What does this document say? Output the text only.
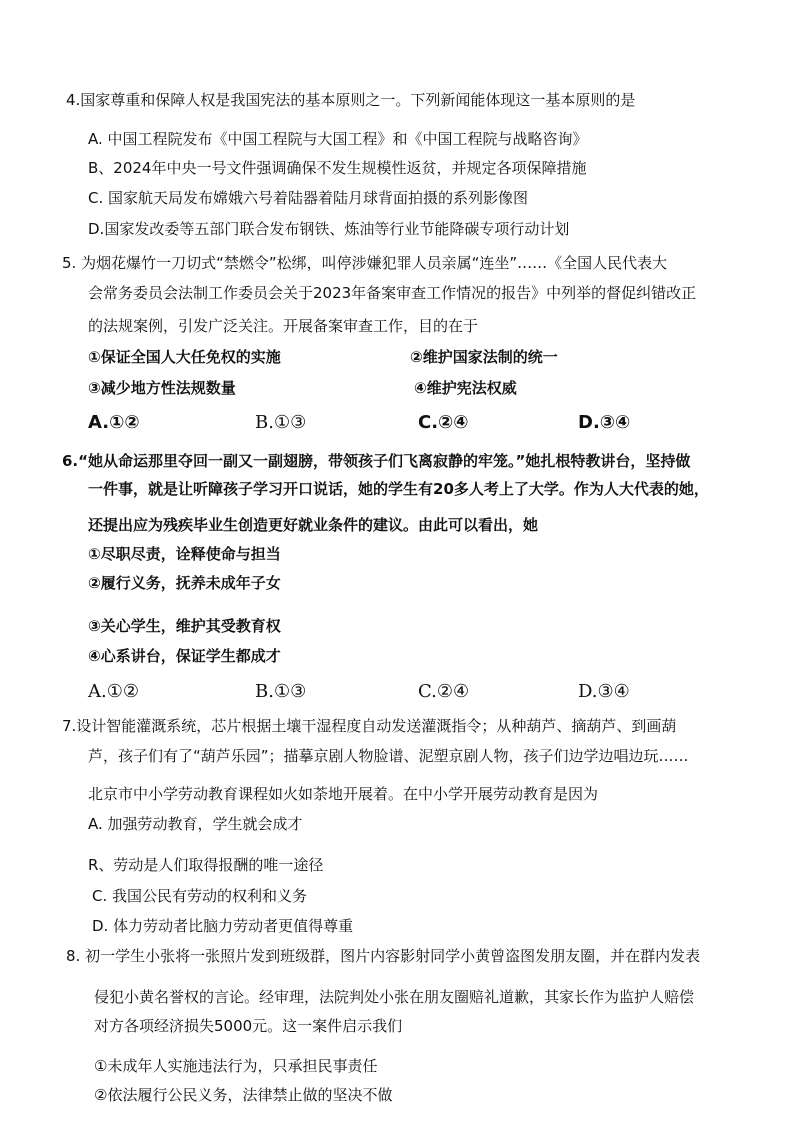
4.国家尊重和保障人权是我国宪法的基本原则之一。下列新闻能体现这一基本原则的是
A. 中国工程院发布《中国工程院与大国工程》和《中国工程院与战略咨询》
B、2024年中央一号文件强调确保不发生规模性返贫，并规定各项保障措施
C. 国家航天局发布嫦娥六号着陆器着陆月球背面拍摄的系列影像图
D.国家发改委等五部门联合发布钢铁、炼油等行业节能降碳专项行动计划
5. 为烟花爆竹一刀切式“禁燃令”松绑，叫停涉嫌犯罪人员亲属“连坐”……《全国人民代表大
会常务委员会法制工作委员会关于2023年备案审查工作情况的报告》中列举的督促纠错改正
的法规案例，引发广泛关注。开展备案审查工作，目的在于
①保证全国人大任免权的实施	②维护国家法制的统一
③减少地方性法规数量	④维护宪法权威
A.①②	B.①③	C.②④	D.③④
6.“她从命运那里夺回一副又一副翅膀，带领孩子们飞离寂静的牢笼。”她扎根特教讲台，坚持做
一件事，就是让听障孩子学习开口说话，她的学生有20多人考上了大学。作为人大代表的她，
还提出应为残疾毕业生创造更好就业条件的建议。由此可以看出，她
①尽职尽责，诠释使命与担当
②履行义务，抚养未成年子女
③关心学生，维护其受教育权
④心系讲台，保证学生都成才
A.①②	B.①③	C.②④	D.③④
7.设计智能灌溉系统，芯片根据土壤干湿程度自动发送灌溉指令；从种葫芦、摘葫芦、到画葫
芦，孩子们有了“葫芦乐园”；描摹京剧人物脸谱、泥塑京剧人物，孩子们边学边唱边玩……
北京市中小学劳动教育课程如火如荼地开展着。在中小学开展劳动教育是因为
A. 加强劳动教育，学生就会成才
R、劳动是人们取得报酬的唯一途径
C. 我国公民有劳动的权利和义务
D. 体力劳动者比脑力劳动者更值得尊重
8. 初一学生小张将一张照片发到班级群，图片内容影射同学小黄曾盗图发朋友圈，并在群内发表
侵犯小黄名誉权的言论。经审理，法院判处小张在朋友圈赔礼道歉，其家长作为监护人赔偿
对方各项经济损失5000元。这一案件启示我们
①未成年人实施违法行为，只承担民事责任
②依法履行公民义务，法律禁止做的坚决不做
